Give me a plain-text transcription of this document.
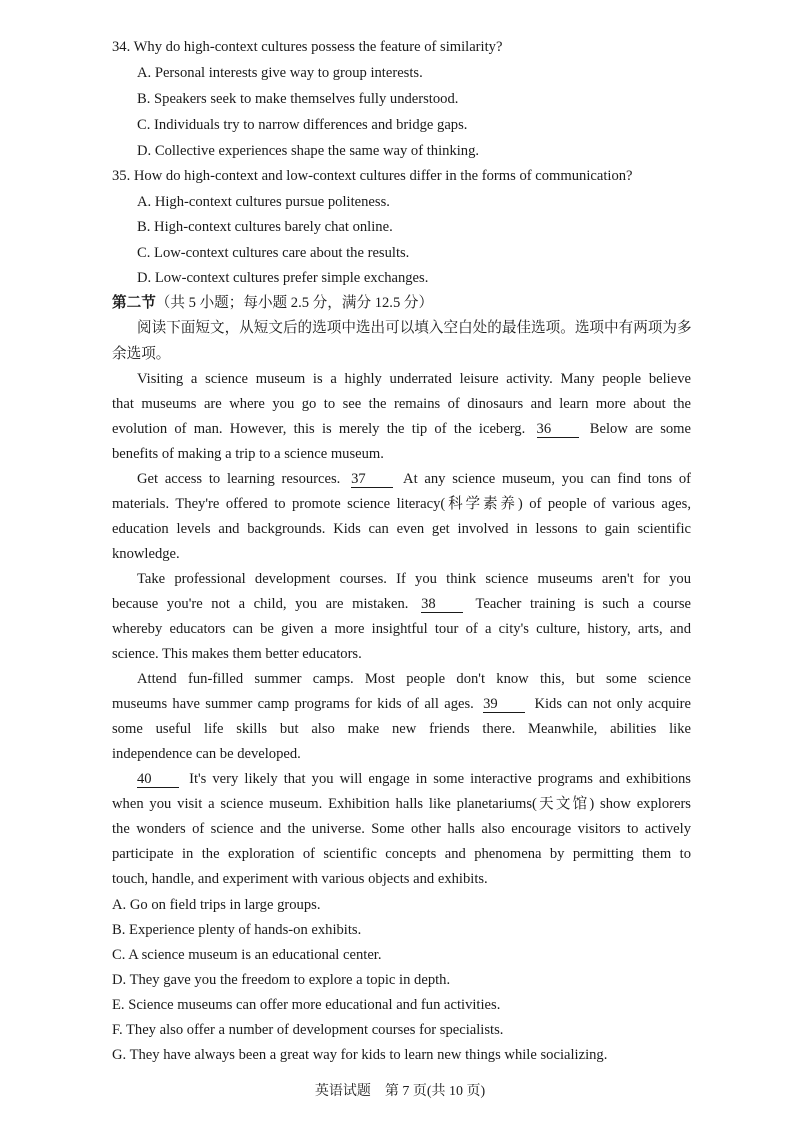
34. Why do high-context cultures possess the feature of similarity?
A. Personal interests give way to group interests.
B. Speakers seek to make themselves fully understood.
C. Individuals try to narrow differences and bridge gaps.
D. Collective experiences shape the same way of thinking.
35. How do high-context and low-context cultures differ in the forms of communication?
A. High-context cultures pursue politeness.
B. High-context cultures barely chat online.
C. Low-context cultures care about the results.
D. Low-context cultures prefer simple exchanges.
第二节（共 5 小题；每小题 2.5 分，满分 12.5 分）
阅读下面短文，从短文后的选项中选出可以填入空白处的最佳选项。选项中有两项为多
余选项。
Visiting a science museum is a highly underrated leisure activity. Many people believe
that museums are where you go to see the remains of dinosaurs and learn more about the
evolution of man. However, this is merely the tip of the iceberg. 36	Below are some
benefits of making a trip to a science museum.
Get access to learning resources. 37	At any science museum, you can find tons of
materials. They're offered to promote science literacy(科学素养) of people of various ages,
education levels and backgrounds. Kids can even get involved in lessons to gain scientific
knowledge.
Take professional development courses. If you think science museums aren't for you
because you're not a child, you are mistaken. 38	Teacher training is such a course
whereby educators can be given a more insightful tour of a city's culture, history, arts, and
science. This makes them better educators.
Attend fun-filled summer camps. Most people don't know this, but some science
museums have summer camp programs for kids of all ages. 39	Kids can not only acquire
some useful life skills but also make new friends there. Meanwhile, abilities like
independence can be developed.
40	It's very likely that you will engage in some interactive programs and exhibitions
when you visit a science museum. Exhibition halls like planetariums(天文馆) show explorers
the wonders of science and the universe. Some other halls also encourage visitors to actively
participate in the exploration of scientific concepts and phenomena by permitting them to
touch, handle, and experiment with various objects and exhibits.
A. Go on field trips in large groups.
B. Experience plenty of hands-on exhibits.
C. A science museum is an educational center.
D. They gave you the freedom to explore a topic in depth.
E. Science museums can offer more educational and fun activities.
F. They also offer a number of development courses for specialists.
G. They have always been a great way for kids to learn new things while socializing.
英语试题　第 7 页(共 10 页)
